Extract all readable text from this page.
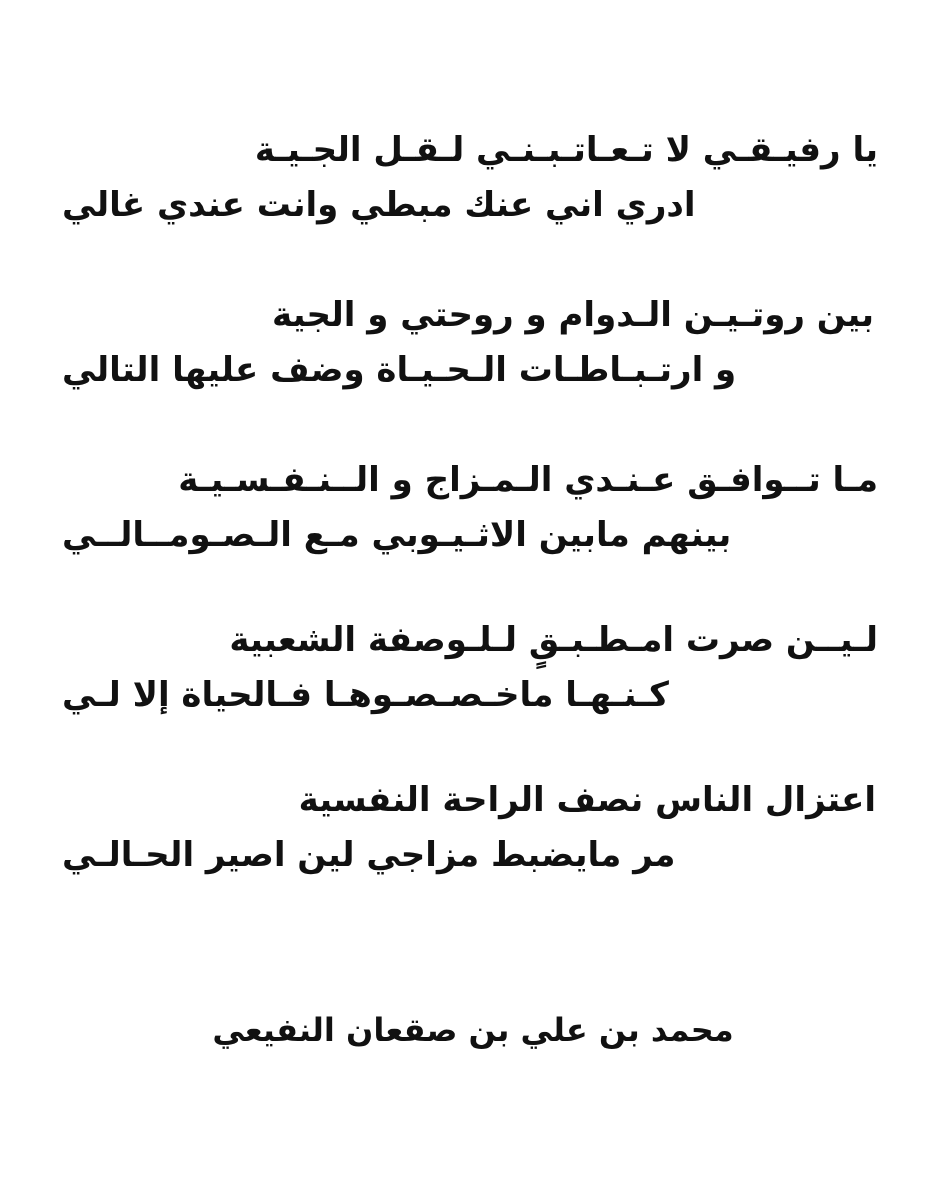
يا رفيـقـي لا تـعـاتـبـنـي لـقـل الجـيـة

ادري اني عنك مبطي وانت عندي غالي

بين روتـيـن الـدوام و روحتي و الجية

و ارتـبـاطـات الـحـيـاة وضف عليها التالي

مـا تــوافـق عـنـدي الـمـزاج و الــنـفـسـيـة

بينهم مابين الاثـيـوبي مـع الـصـومــالــي

لـيــن صرت امـطـبـقٍ لـلـوصفة الشعبية

كـنـهـا ماخـصـصـوهـا فـالحياة إلا لـي

اعتزال الناس نصف الراحة النفسية

مر مايضبط مزاجي لين اصير الحـالـي

محمد بن علي بن صقعان النفيعي
